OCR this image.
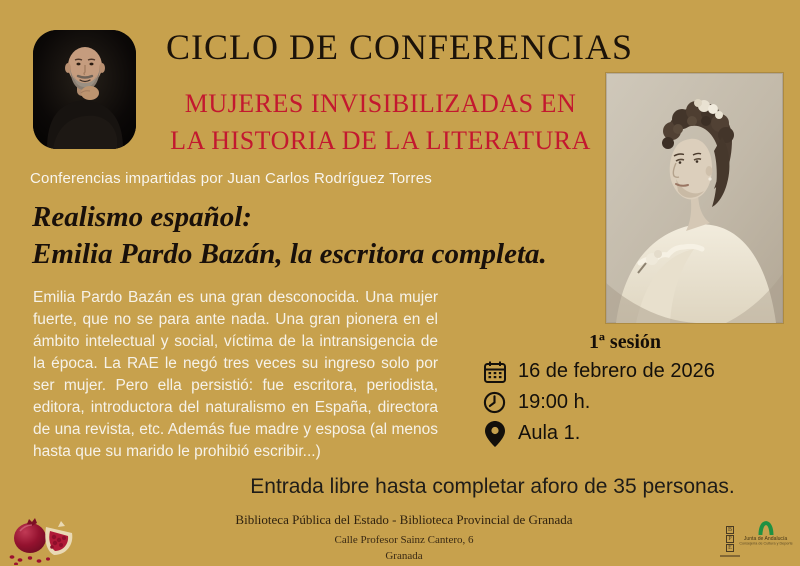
CICLO DE CONFERENCIAS
MUJERES INVISIBILIZADAS EN
LA HISTORIA DE LA LITERATURA
Conferencias impartidas por Juan Carlos Rodríguez Torres
Realismo español:
Emilia Pardo Bazán, la escritora completa.

Emilia Pardo Bazán es una gran desconocida. Una mujer fuerte, que no se para ante nada. Una gran pionera en el ámbito intelectual y social, víctima de la intransigencia de la época. La RAE le negó tres veces su ingreso solo por ser mujer. Pero ella persistió: fue escritora, periodista, editora, introductora del naturalismo en España, directora de una revista, etc. Además fue madre y esposa (al menos hasta que su marido le prohibió escribir...)

1ª sesión
16 de febrero de 2026
19:00 h.
Aula 1.
Entrada libre hasta completar aforo de 35 personas.
Biblioteca Pública del Estado - Biblioteca Provincial de Granada
Calle Profesor Sainz Cantero, 6
Granada
B
P
E
Junta de Andalucía
Consejería de Cultura y Deporte
